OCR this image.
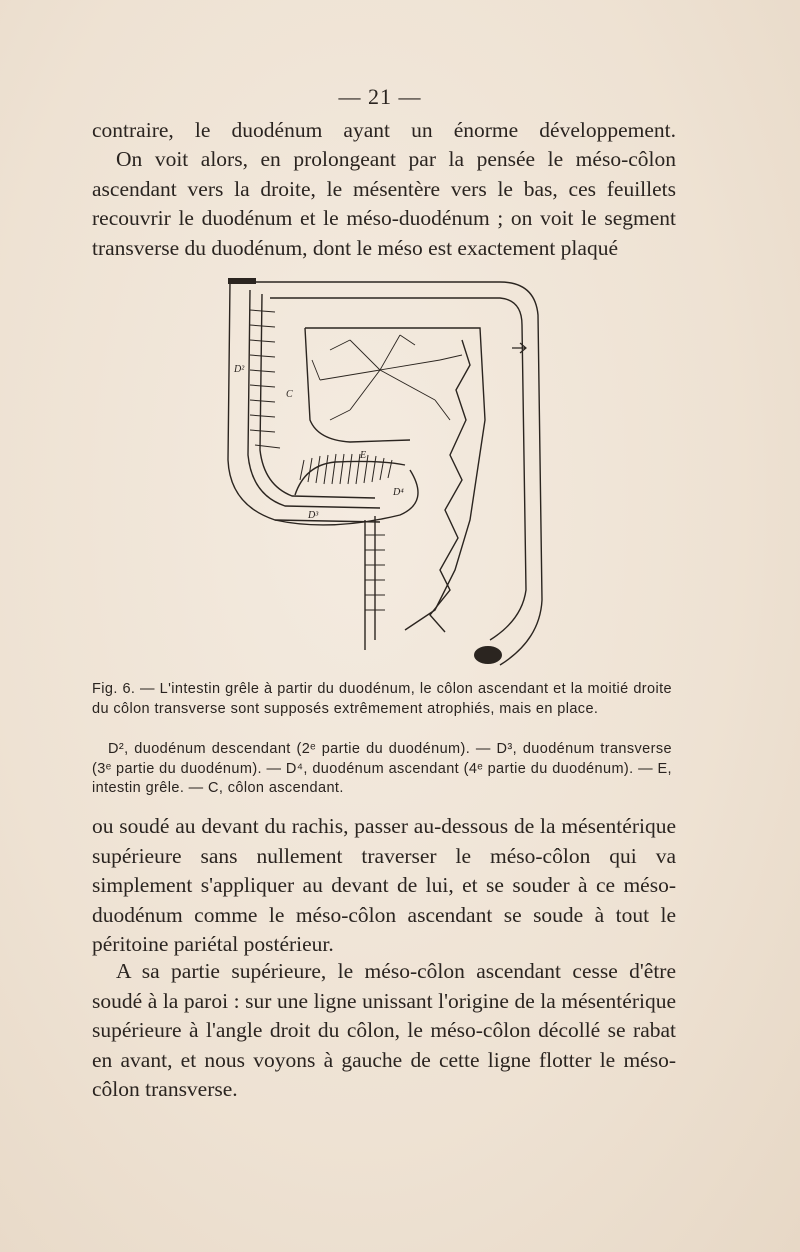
— 21 —

contraire, le duodénum ayant un énorme développement.

On voit alors, en prolongeant par la pensée le méso-côlon ascendant vers la droite, le mésentère vers le bas, ces feuillets recouvrir le duodénum et le méso-duodénum ; on voit le segment transverse du duodénum, dont le méso est exactement plaqué

D²
C
E
D³
D⁴

Fig. 6. — L'intestin grêle à partir du duodénum, le côlon ascendant et la moitié droite du côlon transverse sont supposés extrêmement atrophiés, mais en place.

D², duodénum descendant (2ᵉ partie du duodénum). — D³, duodénum transverse (3ᵉ partie du duodénum). — D⁴, duodénum ascendant (4ᵉ partie du duodénum). — E, intestin grêle. — C, côlon ascendant.

ou soudé au devant du rachis, passer au-dessous de la mésentérique supérieure sans nullement traverser le méso-côlon qui va simplement s'appliquer au devant de lui, et se souder à ce méso-duodénum comme le méso-côlon ascendant se soude à tout le péritoine pariétal postérieur.

A sa partie supérieure, le méso-côlon ascendant cesse d'être soudé à la paroi : sur une ligne unissant l'origine de la mésentérique supérieure à l'angle droit du côlon, le méso-côlon décollé se rabat en avant, et nous voyons à gauche de cette ligne flotter le méso-côlon transverse.
